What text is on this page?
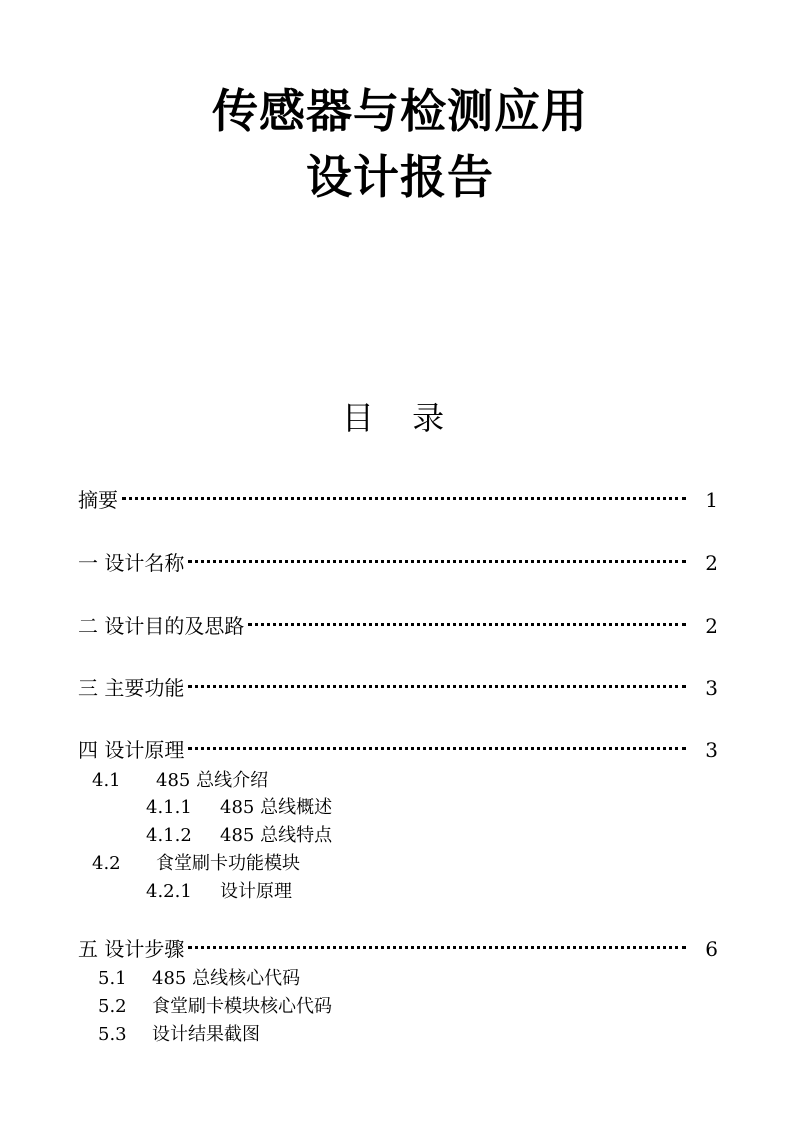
传感器与检测应用
设计报告
目 录
摘要	1
一 设计名称	2
二 设计目的及思路	2
三 主要功能	3
四 设计原理	3
4.1 485 总线介绍
4.1.1 485 总线概述
4.1.2 485 总线特点
4.2 食堂刷卡功能模块
4.2.1 设计原理
五 设计步骤	6
5.1 485 总线核心代码
5.2 食堂刷卡模块核心代码
5.3 设计结果截图
